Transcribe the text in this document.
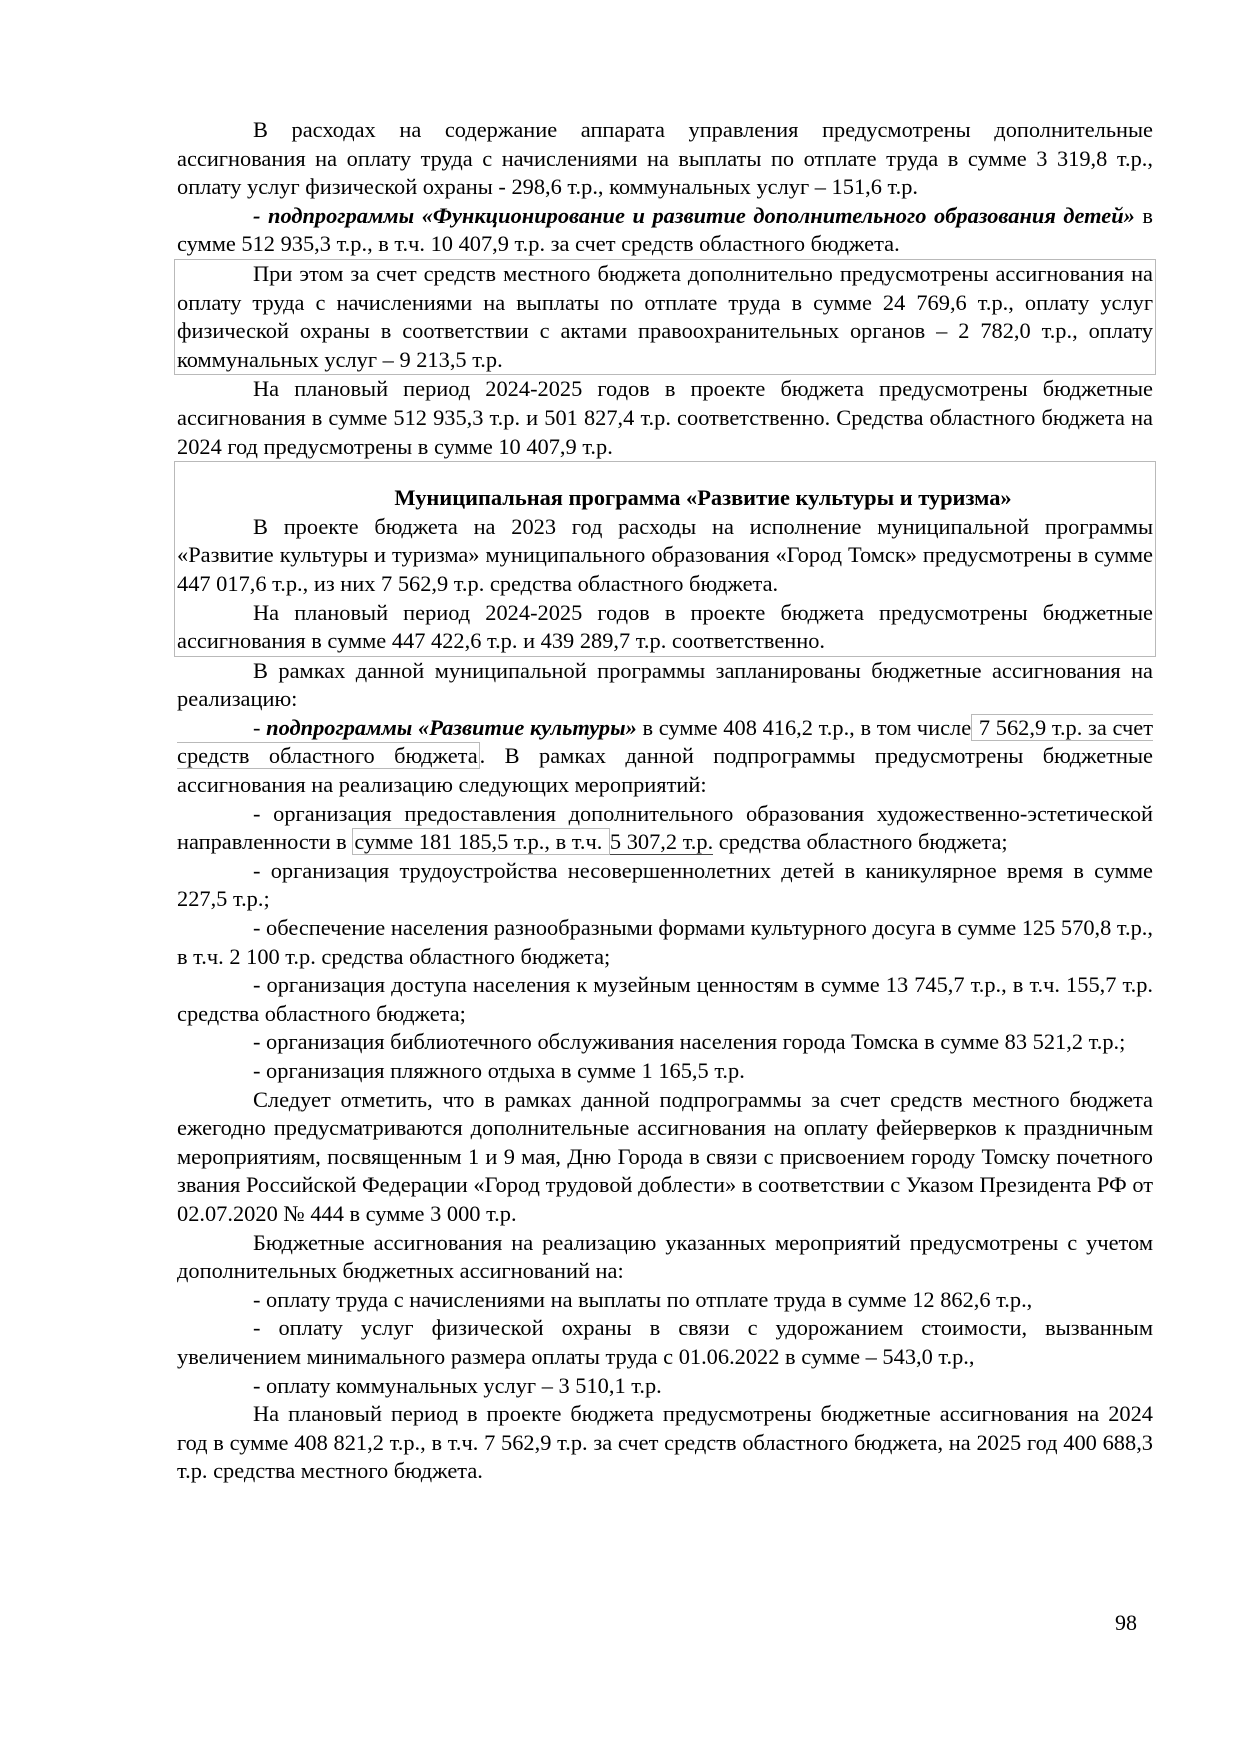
В расходах на содержание аппарата управления предусмотрены дополнительные ассигнования на оплату труда с начислениями на выплаты по отплате труда в сумме 3 319,8 т.р., оплату услуг физической охраны - 298,6 т.р., коммунальных услуг – 151,6 т.р.

- подпрограммы «Функционирование и развитие дополнительного образования детей» в сумме 512 935,3 т.р., в т.ч. 10 407,9 т.р. за счет средств областного бюджета.

При этом за счет средств местного бюджета дополнительно предусмотрены ассигнования на оплату труда с начислениями на выплаты по отплате труда в сумме 24 769,6 т.р., оплату услуг физической охраны в соответствии с актами правоохранительных органов – 2 782,0 т.р., оплату коммунальных услуг – 9 213,5 т.р.

На плановый период 2024-2025 годов в проекте бюджета предусмотрены бюджетные ассигнования в сумме 512 935,3 т.р. и 501 827,4 т.р. соответственно. Средства областного бюджета на 2024 год предусмотрены в сумме 10 407,9 т.р.

Муниципальная программа «Развитие культуры и туризма»

В проекте бюджета на 2023 год расходы на исполнение муниципальной программы «Развитие культуры и туризма» муниципального образования «Город Томск» предусмотрены в сумме 447 017,6 т.р., из них 7 562,9 т.р. средства областного бюджета.

На плановый период 2024-2025 годов в проекте бюджета предусмотрены бюджетные ассигнования в сумме 447 422,6 т.р. и 439 289,7 т.р. соответственно.

В рамках данной муниципальной программы запланированы бюджетные ассигнования на реализацию:

- подпрограммы «Развитие культуры» в сумме 408 416,2 т.р., в том числе 7 562,9 т.р. за счет средств областного бюджета. В рамках данной подпрограммы предусмотрены бюджетные ассигнования на реализацию следующих мероприятий:

- организация предоставления дополнительного образования художественно-эстетической направленности в сумме 181 185,5 т.р., в т.ч. 5 307,2 т.р. средства областного бюджета;

- организация трудоустройства несовершеннолетних детей в каникулярное время в сумме 227,5 т.р.;

- обеспечение населения разнообразными формами культурного досуга в сумме 125 570,8 т.р., в т.ч. 2 100 т.р. средства областного бюджета;

- организация доступа населения к музейным ценностям в сумме 13 745,7 т.р., в т.ч. 155,7 т.р. средства областного бюджета;

- организация библиотечного обслуживания населения города Томска в сумме 83 521,2 т.р.;

- организация пляжного отдыха в сумме 1 165,5 т.р.

Следует отметить, что в рамках данной подпрограммы за счет средств местного бюджета ежегодно предусматриваются дополнительные ассигнования на оплату фейерверков к праздничным мероприятиям, посвященным 1 и 9 мая, Дню Города в связи с присвоением городу Томску почетного звания Российской Федерации «Город трудовой доблести» в соответствии с Указом Президента РФ от 02.07.2020 № 444 в сумме 3 000 т.р.

Бюджетные ассигнования на реализацию указанных мероприятий предусмотрены с учетом дополнительных бюджетных ассигнований на:

- оплату труда с начислениями на выплаты по отплате труда в сумме 12 862,6 т.р.,

- оплату услуг физической охраны в связи с удорожанием стоимости, вызванным увеличением минимального размера оплаты труда с 01.06.2022 в сумме – 543,0 т.р.,

- оплату коммунальных услуг – 3 510,1 т.р.

На плановый период в проекте бюджета предусмотрены бюджетные ассигнования на 2024 год в сумме 408 821,2 т.р., в т.ч. 7 562,9 т.р. за счет средств областного бюджета, на 2025 год 400 688,3 т.р. средства местного бюджета.

98
